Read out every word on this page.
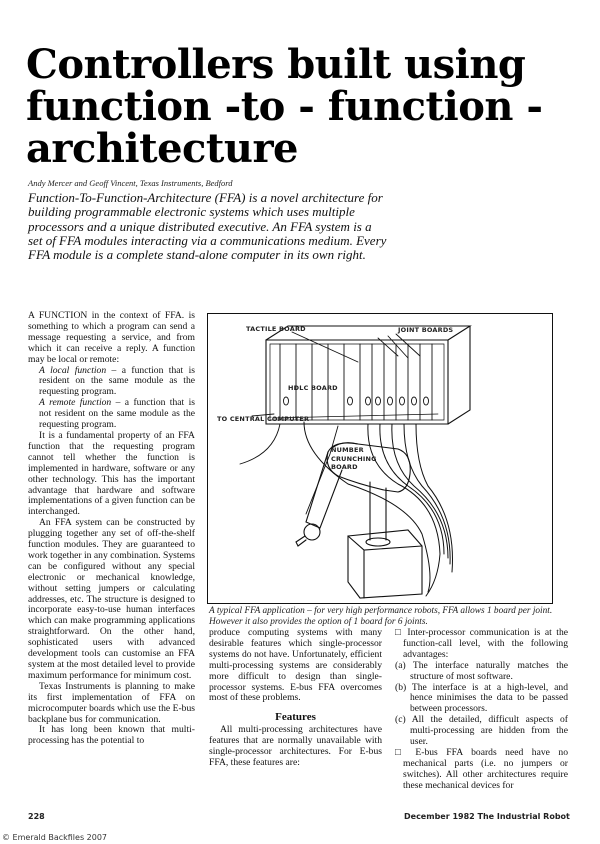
Controllers built using function -to - function - architecture
Andy Mercer and Geoff Vincent, Texas Instruments, Bedford

Function-To-Function-Architecture (FFA) is a novel architecture for building programmable electronic systems which uses multiple processors and a unique distributed executive. An FFA system is a set of FFA modules interacting via a communications medium. Every FFA module is a complete stand-alone computer in its own right.

A FUNCTION in the context of FFA. is something to which a program can send a message requesting a service, and from which it can receive a reply. A function may be local or remote:

A local function – a function that is resident on the same module as the requesting program.

A remote function – a function that is not resident on the same module as the requesting program.

It is a fundamental property of an FFA function that the requesting program cannot tell whether the function is implemented in hardware, software or any other technology. This has the important advantage that hardware and software implementations of a given function can be interchanged.

An FFA system can be constructed by plugging together any set of off-the-shelf function modules. They are guaranteed to work together in any combination. Systems can be configured without any special electronic or mechanical knowledge, without setting jumpers or calculating addresses, etc. The structure is designed to incorporate easy-to-use human interfaces which can make programming applications straightforward. On the other hand, sophisticated users with advanced development tools can customise an FFA system at the most detailed level to provide maximum performance for minimum cost.

Texas Instruments is planning to make its first implementation of FFA on microcomputer boards which use the E-bus backplane bus for communication.

It has long been known that multi-processing has the potential to

TACTILE BOARD	JOINT BOARDS
HDLC BOARD
TO CENTRAL COMPUTER
NUMBER
CRUNCHING
BOARD
A typical FFA application – for very high performance robots, FFA allows 1 board per joint. However it also provides the option of 1 board for 6 joints.

produce computing systems with many desirable features which single-processor systems do not have. Unfortunately, efficient multi-processing systems are considerably more difficult to design than single-processor systems. E-bus FFA overcomes most of these problems.

Features

All multi-processing architectures have features that are normally unavailable with single-processor architectures. For E-bus FFA, these features are:

□ Inter-processor communication is at the function-call level, with the following advantages:

(a) The interface naturally matches the structure of most software.

(b) The interface is at a high-level, and hence minimises the data to be passed between processors.

(c) All the detailed, difficult aspects of multi-processing are hidden from the user.

□ E-bus FFA boards need have no mechanical parts (i.e. no jumpers or switches). All other architectures require these mechanical devices for

228	December 1982 The Industrial Robot
© Emerald Backfiles 2007
